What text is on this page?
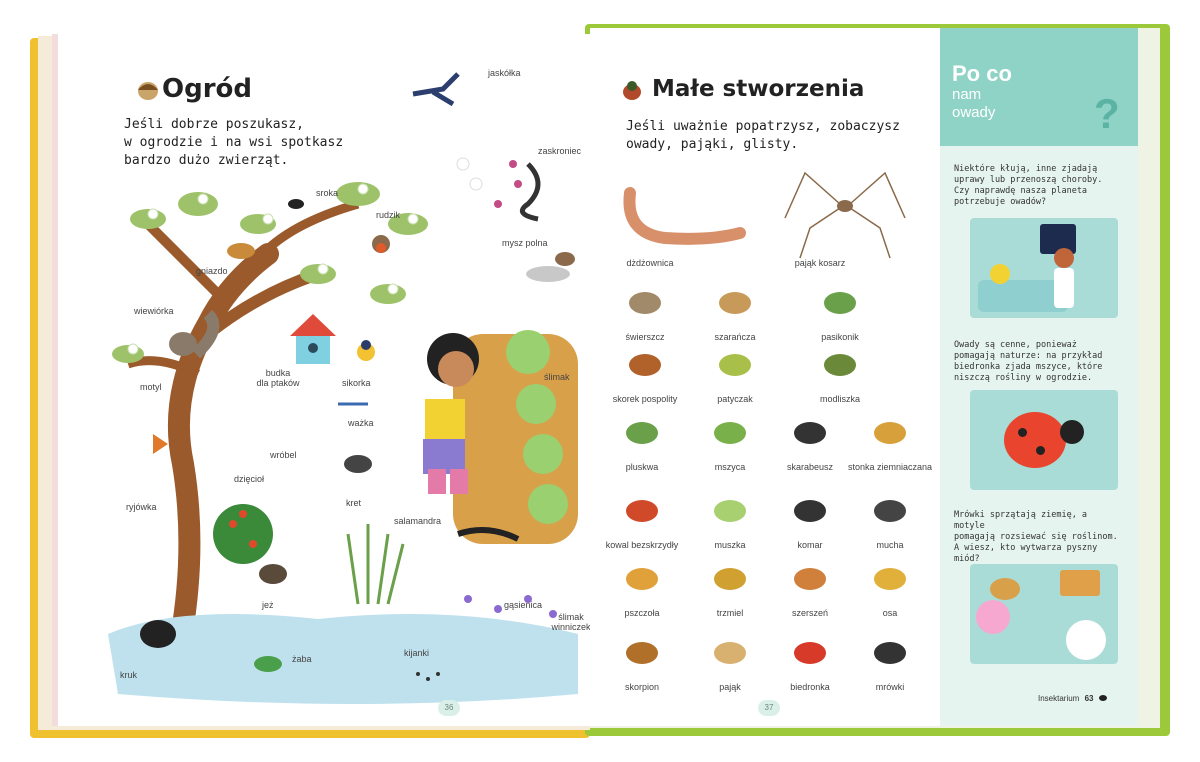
Ogród
Jeśli dobrze poszukasz,
w ogrodzie i na wsi spotkasz
bardzo dużo zwierząt.
jaskółka
zaskroniec
sroka
rudzik
mysz polna
gniazdo
wiewiórka
budka
dla ptaków	sikorka
ślimak
motyl
ważka
wróbel
dzięcioł
kret
ryjówka
salamandra
gąsienica
ślimak
winniczek
jeż
kruk
żaba
kijanki
36
Małe stworzenia
Jeśli uważnie popatrzysz, zobaczysz
owady, pająki, glisty.
dżdżownica	pająk kosarz
świerszcz	szarańcza	pasikonik
skorek pospolity	patyczak	modliszka
pluskwa	mszyca	skarabeusz	stonka ziemniaczana
kowal bezskrzydły	muszka	komar	mucha
pszczoła	trzmiel	szerszeń	osa
skorpion	pająk	biedronka	mrówki
37
Po co
nam
owady	?
Niektóre kłują, inne zjadają
uprawy lub przenoszą choroby.
Czy naprawdę nasza planeta
potrzebuje owadów?
Owady są cenne, ponieważ
pomagają naturze: na przykład
biedronka zjada mszyce, które
niszczą rośliny w ogrodzie.
Mrówki sprzątają ziemię, a motyle
pomagają rozsiewać się roślinom.
A wiesz, kto wytwarza pyszny
miód?
Insektarium 63
